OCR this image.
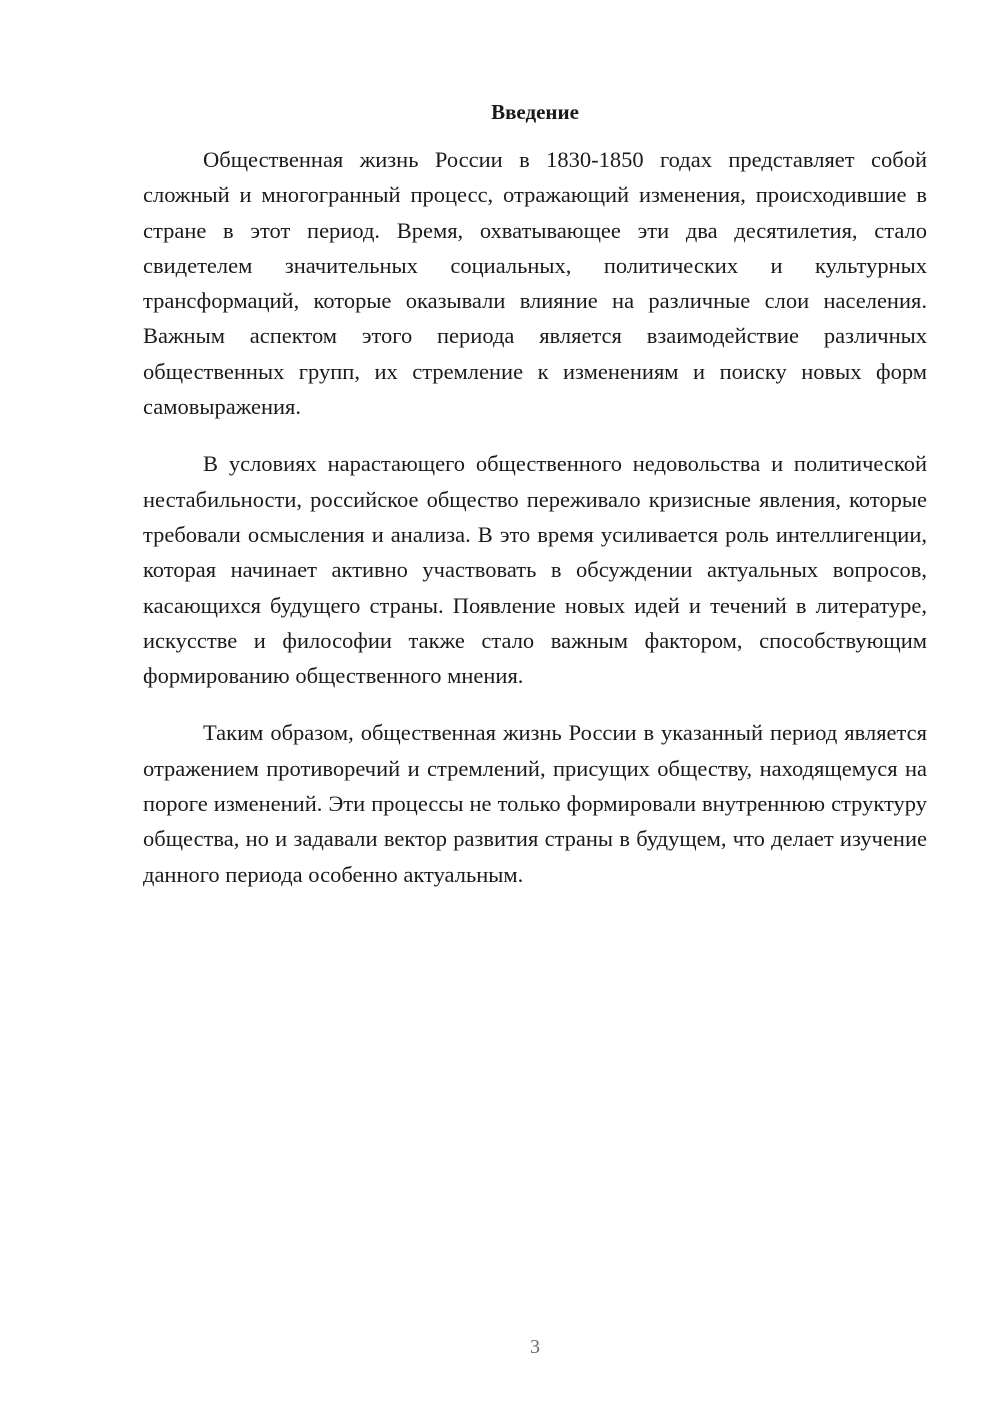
Введение

Общественная жизнь России в 1830-1850 годах представляет собой сложный и многогранный процесс, отражающий изменения, происходившие в стране в этот период. Время, охватывающее эти два десятилетия, стало свидетелем значительных социальных, политических и культурных трансформаций, которые оказывали влияние на различные слои населения. Важным аспектом этого периода является взаимодействие различных общественных групп, их стремление к изменениям и поиску новых форм самовыражения.

В условиях нарастающего общественного недовольства и политической нестабильности, российское общество переживало кризисные явления, которые требовали осмысления и анализа. В это время усиливается роль интеллигенции, которая начинает активно участвовать в обсуждении актуальных вопросов, касающихся будущего страны. Появление новых идей и течений в литературе, искусстве и философии также стало важным фактором, способствующим формированию общественного мнения.

Таким образом, общественная жизнь России в указанный период является отражением противоречий и стремлений, присущих обществу, находящемуся на пороге изменений. Эти процессы не только формировали внутреннюю структуру общества, но и задавали вектор развития страны в будущем, что делает изучение данного периода особенно актуальным.

3
